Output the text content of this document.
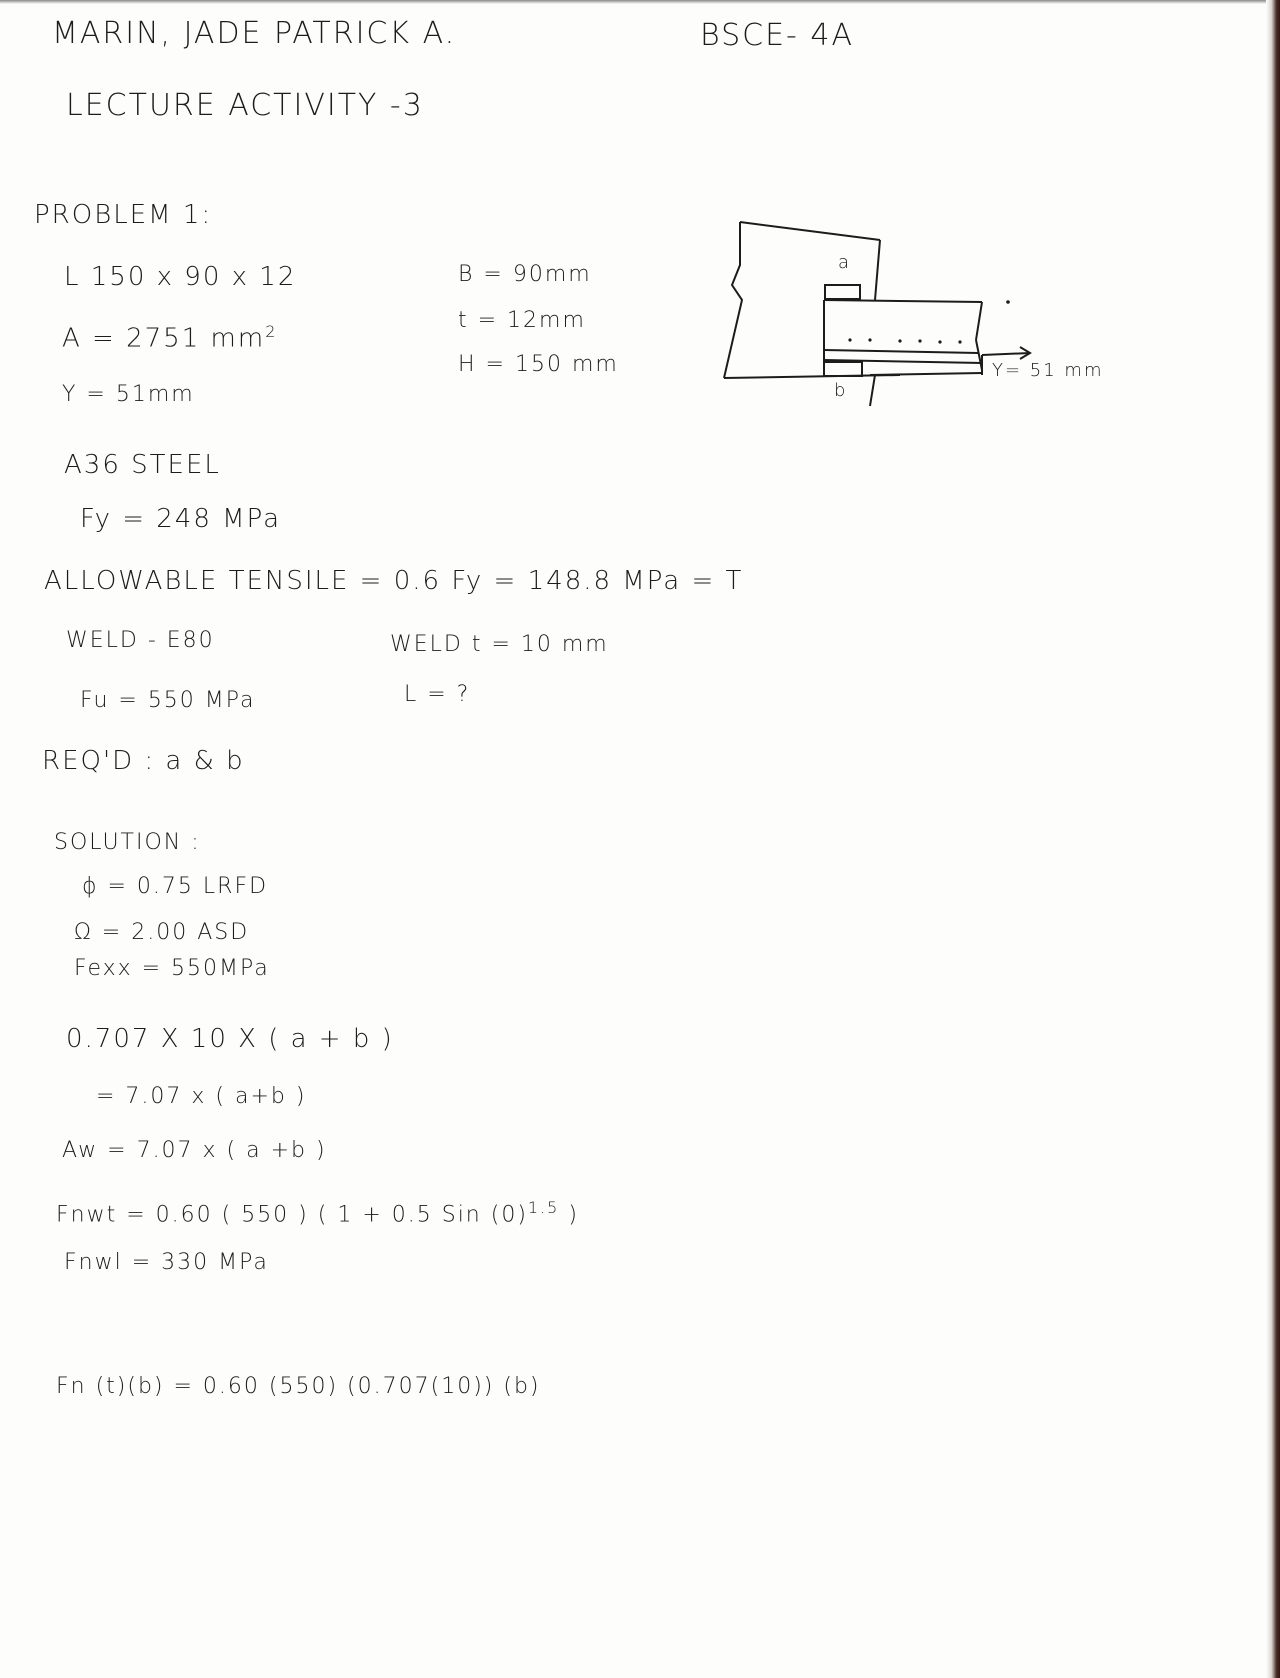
MARIN, JADE PATRICK A.	BSCE- 4A
LECTURE ACTIVITY -3
PROBLEM 1:
L 150 x 90 x 12
A = 2751 $mm^2$
Y = 51mm
B = 90mm
t = 12mm
H = 150 mm
a
b
Y= 51 mm
A36 STEEL
Fy = 248 MPa
ALLOWABLE TENSILE = 0.6 Fy = 148.8 MPa = T
WELD - E80	WELD t = 10 mm
Fu = 550 MPa	L = ?
REQ'D : a & b
SOLUTION :
ϕ = 0.75 LRFD
Ω = 2.00 ASD
Fexx = 550MPa
0.707 X 10 X ( a + b )
= 7.07 x ( a+b )
Aw = 7.07 x ( a +b )
Fnwt = 0.60 ( 550 ) ( 1 + 0.5 Sin $(0)^{1.5}$ )
Fnwl = 330 MPa
Fn (t)(b) = 0.60 (550) (0.707(10)) (b)
